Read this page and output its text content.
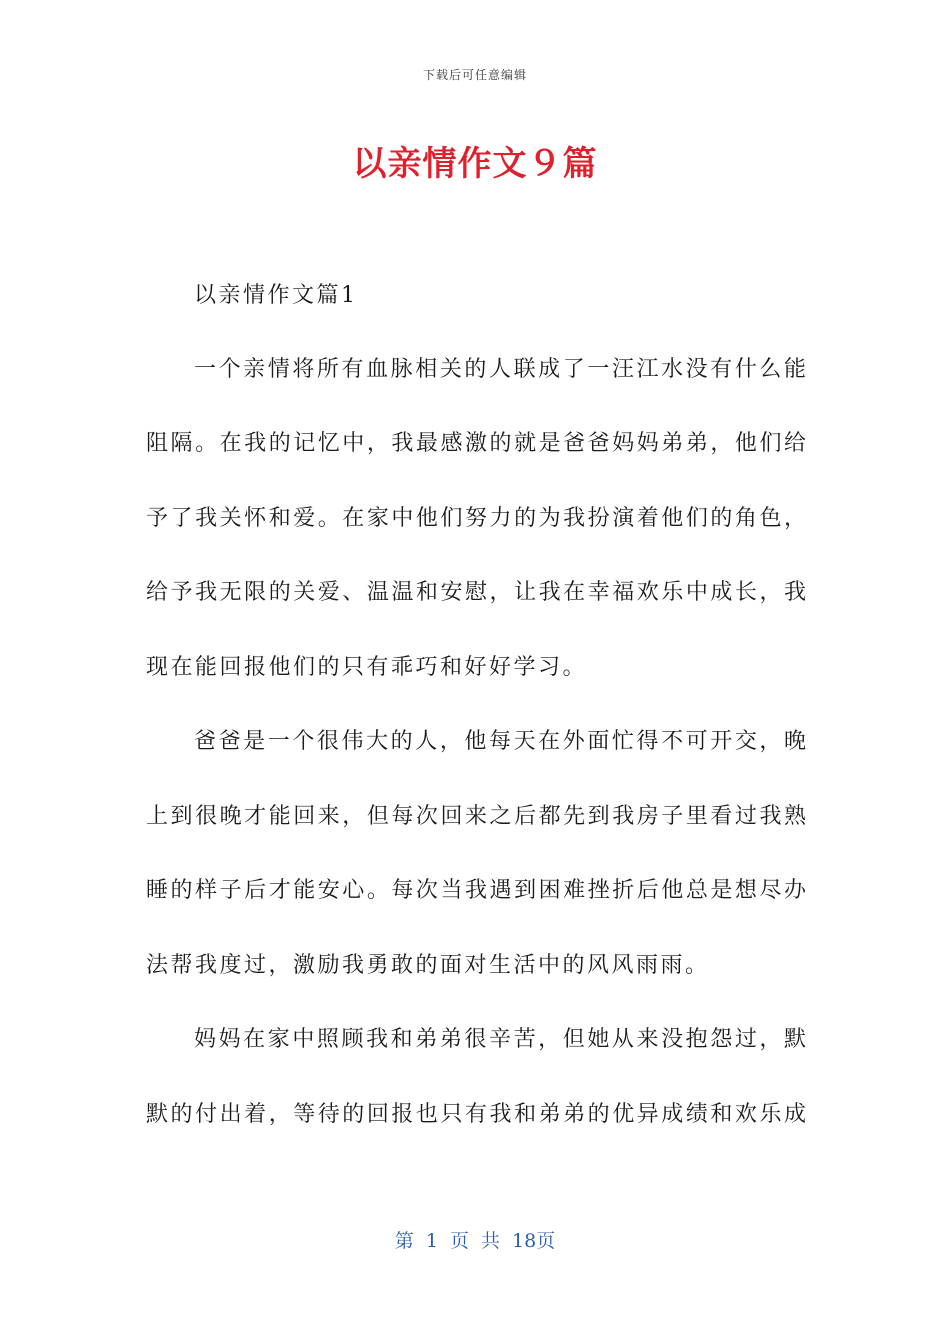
下载后可任意编辑
以亲情作文９篇
以亲情作文篇1
一个亲情将所有血脉相关的人联成了一汪江水没有什么能
阻隔。在我的记忆中，我最感激的就是爸爸妈妈弟弟，他们给
予了我关怀和爱。在家中他们努力的为我扮演着他们的角色，
给予我无限的关爱、温温和安慰，让我在幸福欢乐中成长，我
现在能回报他们的只有乖巧和好好学习。
爸爸是一个很伟大的人，他每天在外面忙得不可开交，晚
上到很晚才能回来，但每次回来之后都先到我房子里看过我熟
睡的样子后才能安心。每次当我遇到困难挫折后他总是想尽办
法帮我度过，激励我勇敢的面对生活中的风风雨雨。
妈妈在家中照顾我和弟弟很辛苦，但她从来没抱怨过，默
默的付出着，等待的回报也只有我和弟弟的优异成绩和欢乐成
第 1 页 共 18页
